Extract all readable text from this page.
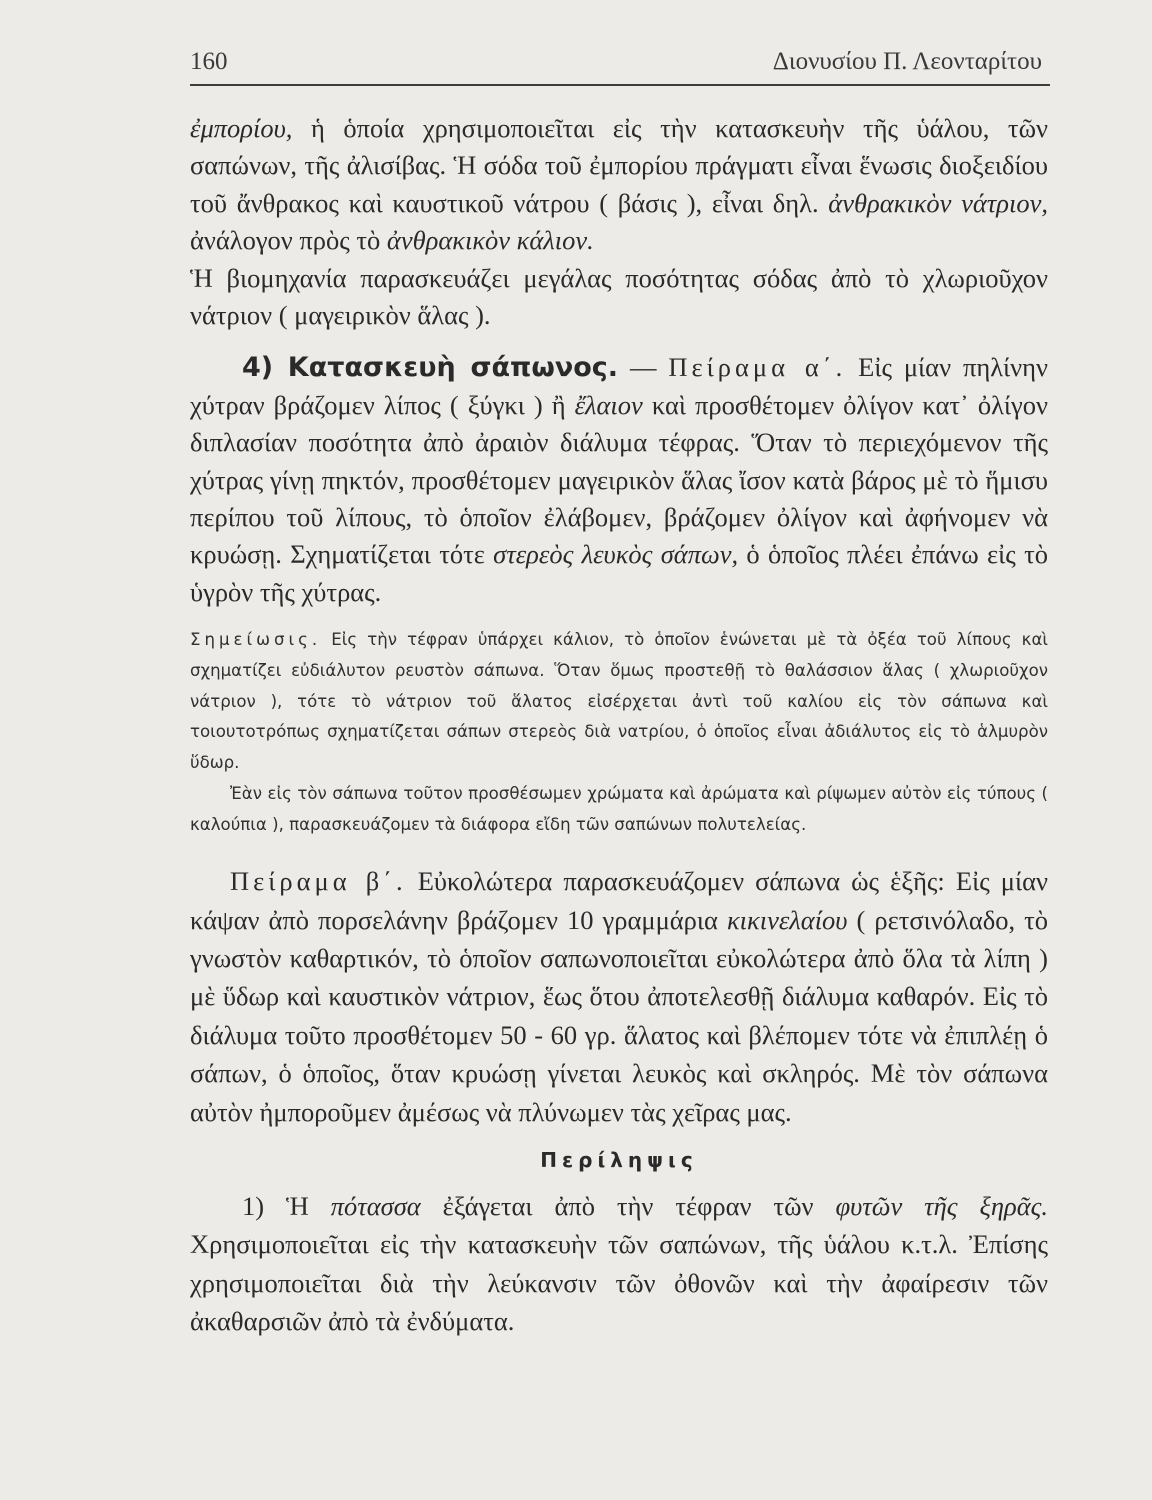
160	Διονυσίου Π. Λεονταρίτου

ἐμπορίου, ἡ ὁποία χρησιμοποιεῖται εἰς τὴν κατασκευὴν τῆς ὑάλου, τῶν σαπώνων, τῆς ἀλισίβας. Ἡ σόδα τοῦ ἐμπορίου πράγματι εἶναι ἕνωσις διοξειδίου τοῦ ἄνθρακος καὶ καυστικοῦ νάτρου ( βάσις ), εἶναι δηλ. ἀνθρακικὸν νάτριον, ἀνάλογον πρὸς τὸ ἀνθρακικὸν κάλιον.

Ἡ βιομηχανία παρασκευάζει μεγάλας ποσότητας σόδας ἀπὸ τὸ χλωριοῦχον νάτριον ( μαγειρικὸν ἅλας ).

4) Κατασκευὴ σάπωνος. — Πείραμα α΄. Εἰς μίαν πηλίνην χύτραν βράζομεν λίπος ( ξύγκι ) ἢ ἔλαιον καὶ προσθέτομεν ὀλίγον κατ᾽ ὀλίγον διπλασίαν ποσότητα ἀπὸ ἀραιὸν διάλυμα τέφρας. Ὅταν τὸ περιεχόμενον τῆς χύτρας γίνῃ πηκτόν, προσθέτομεν μαγειρικὸν ἅλας ἴσον κατὰ βάρος μὲ τὸ ἥμισυ περίπου τοῦ λίπους, τὸ ὁποῖον ἐλάβομεν, βράζομεν ὀλίγον καὶ ἀφήνομεν νὰ κρυώσῃ. Σχηματίζεται τότε στερεὸς λευκὸς σάπων, ὁ ὁποῖος πλέει ἐπάνω εἰς τὸ ὑγρὸν τῆς χύτρας.

Σημείωσις. Εἰς τὴν τέφραν ὑπάρχει κάλιον, τὸ ὁποῖον ἑνώνεται μὲ τὰ ὀξέα τοῦ λίπους καὶ σχηματίζει εὐδιάλυτον ρευστὸν σάπωνα. Ὅταν ὅμως προστεθῇ τὸ θαλάσσιον ἅλας ( χλωριοῦχον νάτριον ), τότε τὸ νάτριον τοῦ ἅλατος εἰσέρχεται ἀντὶ τοῦ καλίου εἰς τὸν σάπωνα καὶ τοιουτοτρόπως σχηματίζεται σάπων στερεὸς διὰ νατρίου, ὁ ὁποῖος εἶναι ἀδιάλυτος εἰς τὸ ἁλμυρὸν ὕδωρ.

Ἐὰν εἰς τὸν σάπωνα τοῦτον προσθέσωμεν χρώματα καὶ ἀρώματα καὶ ρίψωμεν αὐτὸν εἰς τύπους ( καλούπια ), παρασκευάζομεν τὰ διάφορα εἴδη τῶν σαπώνων πολυτελείας.

Πείραμα β΄. Εὐκολώτερα παρασκευάζομεν σάπωνα ὡς ἑξῆς: Εἰς μίαν κάψαν ἀπὸ πορσελάνην βράζομεν 10 γραμμάρια κικινελαίου ( ρετσινόλαδο, τὸ γνωστὸν καθαρτικόν, τὸ ὁποῖον σαπωνοποιεῖται εὐκολώτερα ἀπὸ ὅλα τὰ λίπη ) μὲ ὕδωρ καὶ καυστικὸν νάτριον, ἕως ὅτου ἀποτελεσθῇ διάλυμα καθαρόν. Εἰς τὸ διάλυμα τοῦτο προσθέτομεν 50 - 60 γρ. ἅλατος καὶ βλέπομεν τότε νὰ ἐπιπλέῃ ὁ σάπων, ὁ ὁποῖος, ὅταν κρυώσῃ γίνεται λευκὸς καὶ σκληρός. Μὲ τὸν σάπωνα αὐτὸν ἠμποροῦμεν ἀμέσως νὰ πλύνωμεν τὰς χεῖρας μας.

Περίληψις

1) Ἡ πότασσα ἐξάγεται ἀπὸ τὴν τέφραν τῶν φυτῶν τῆς ξηρᾶς. Χρησιμοποιεῖται εἰς τὴν κατασκευὴν τῶν σαπώνων, τῆς ὑάλου κ.τ.λ. Ἐπίσης χρησιμοποιεῖται διὰ τὴν λεύκανσιν τῶν ὀθονῶν καὶ τὴν ἀφαίρεσιν τῶν ἀκαθαρσιῶν ἀπὸ τὰ ἐνδύματα.
